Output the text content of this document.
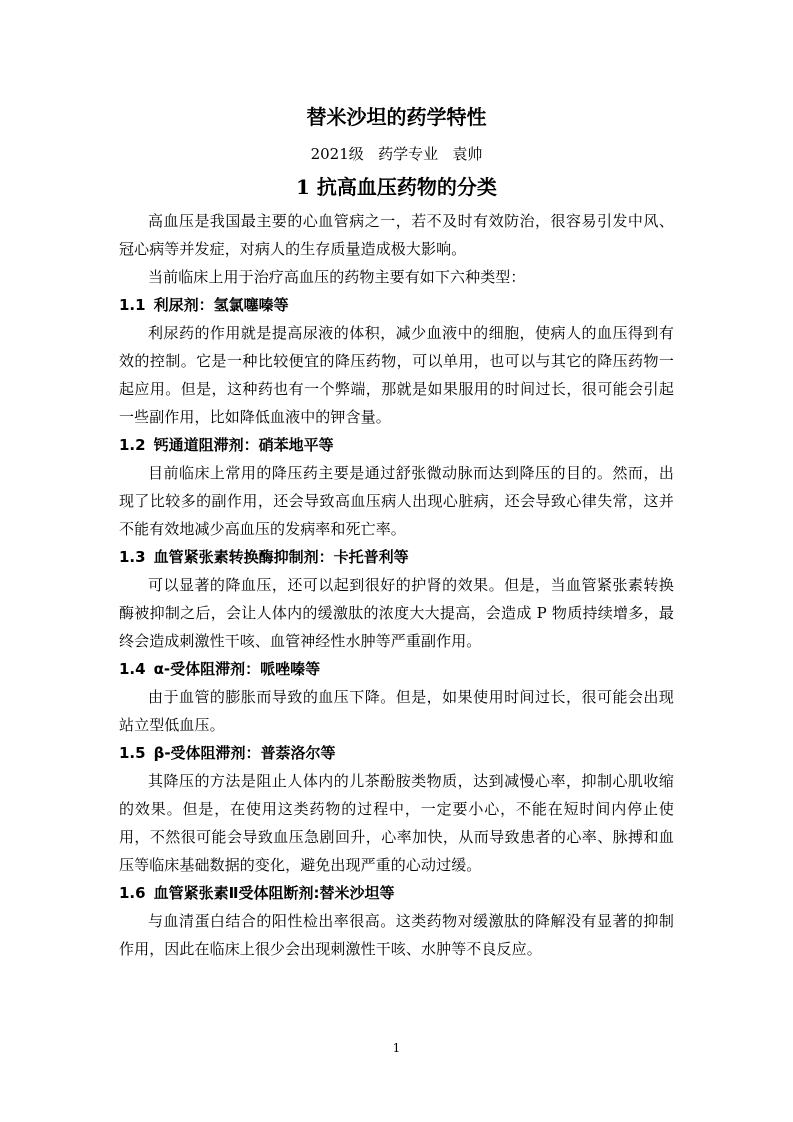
替米沙坦的药学特性
2021级   药学专业   袁帅
1 抗高血压药物的分类

高血压是我国最主要的心血管病之一，若不及时有效防治，很容易引发中风、冠心病等并发症，对病人的生存质量造成极大影响。

当前临床上用于治疗高血压的药物主要有如下六种类型：

1.1 利尿剂：氢氯噻嗪等

利尿药的作用就是提高尿液的体积，减少血液中的细胞，使病人的血压得到有效的控制。它是一种比较便宜的降压药物，可以单用，也可以与其它的降压药物一起应用。但是，这种药也有一个弊端，那就是如果服用的时间过长，很可能会引起一些副作用，比如降低血液中的钾含量。

1.2 钙通道阻滞剂：硝苯地平等

目前临床上常用的降压药主要是通过舒张微动脉而达到降压的目的。然而，出现了比较多的副作用，还会导致高血压病人出现心脏病，还会导致心律失常，这并不能有效地减少高血压的发病率和死亡率。

1.3 血管紧张素转换酶抑制剂：卡托普利等

可以显著的降血压，还可以起到很好的护肾的效果。但是，当血管紧张素转换酶被抑制之后，会让人体内的缓激肽的浓度大大提高，会造成 P 物质持续增多，最终会造成刺激性干咳、血管神经性水肿等严重副作用。

1.4 α-受体阻滞剂：哌唑嗪等

由于血管的膨胀而导致的血压下降。但是，如果使用时间过长，很可能会出现站立型低血压。

1.5 β-受体阻滞剂：普萘洛尔等

其降压的方法是阻止人体内的儿茶酚胺类物质，达到减慢心率，抑制心肌收缩的效果。但是，在使用这类药物的过程中，一定要小心，不能在短时间内停止使用，不然很可能会导致血压急剧回升，心率加快，从而导致患者的心率、脉搏和血压等临床基础数据的变化，避免出现严重的心动过缓。

1.6 血管紧张素Ⅱ受体阻断剂:替米沙坦等

与血清蛋白结合的阳性检出率很高。这类药物对缓激肽的降解没有显著的抑制作用，因此在临床上很少会出现刺激性干咳、水肿等不良反应。

1
